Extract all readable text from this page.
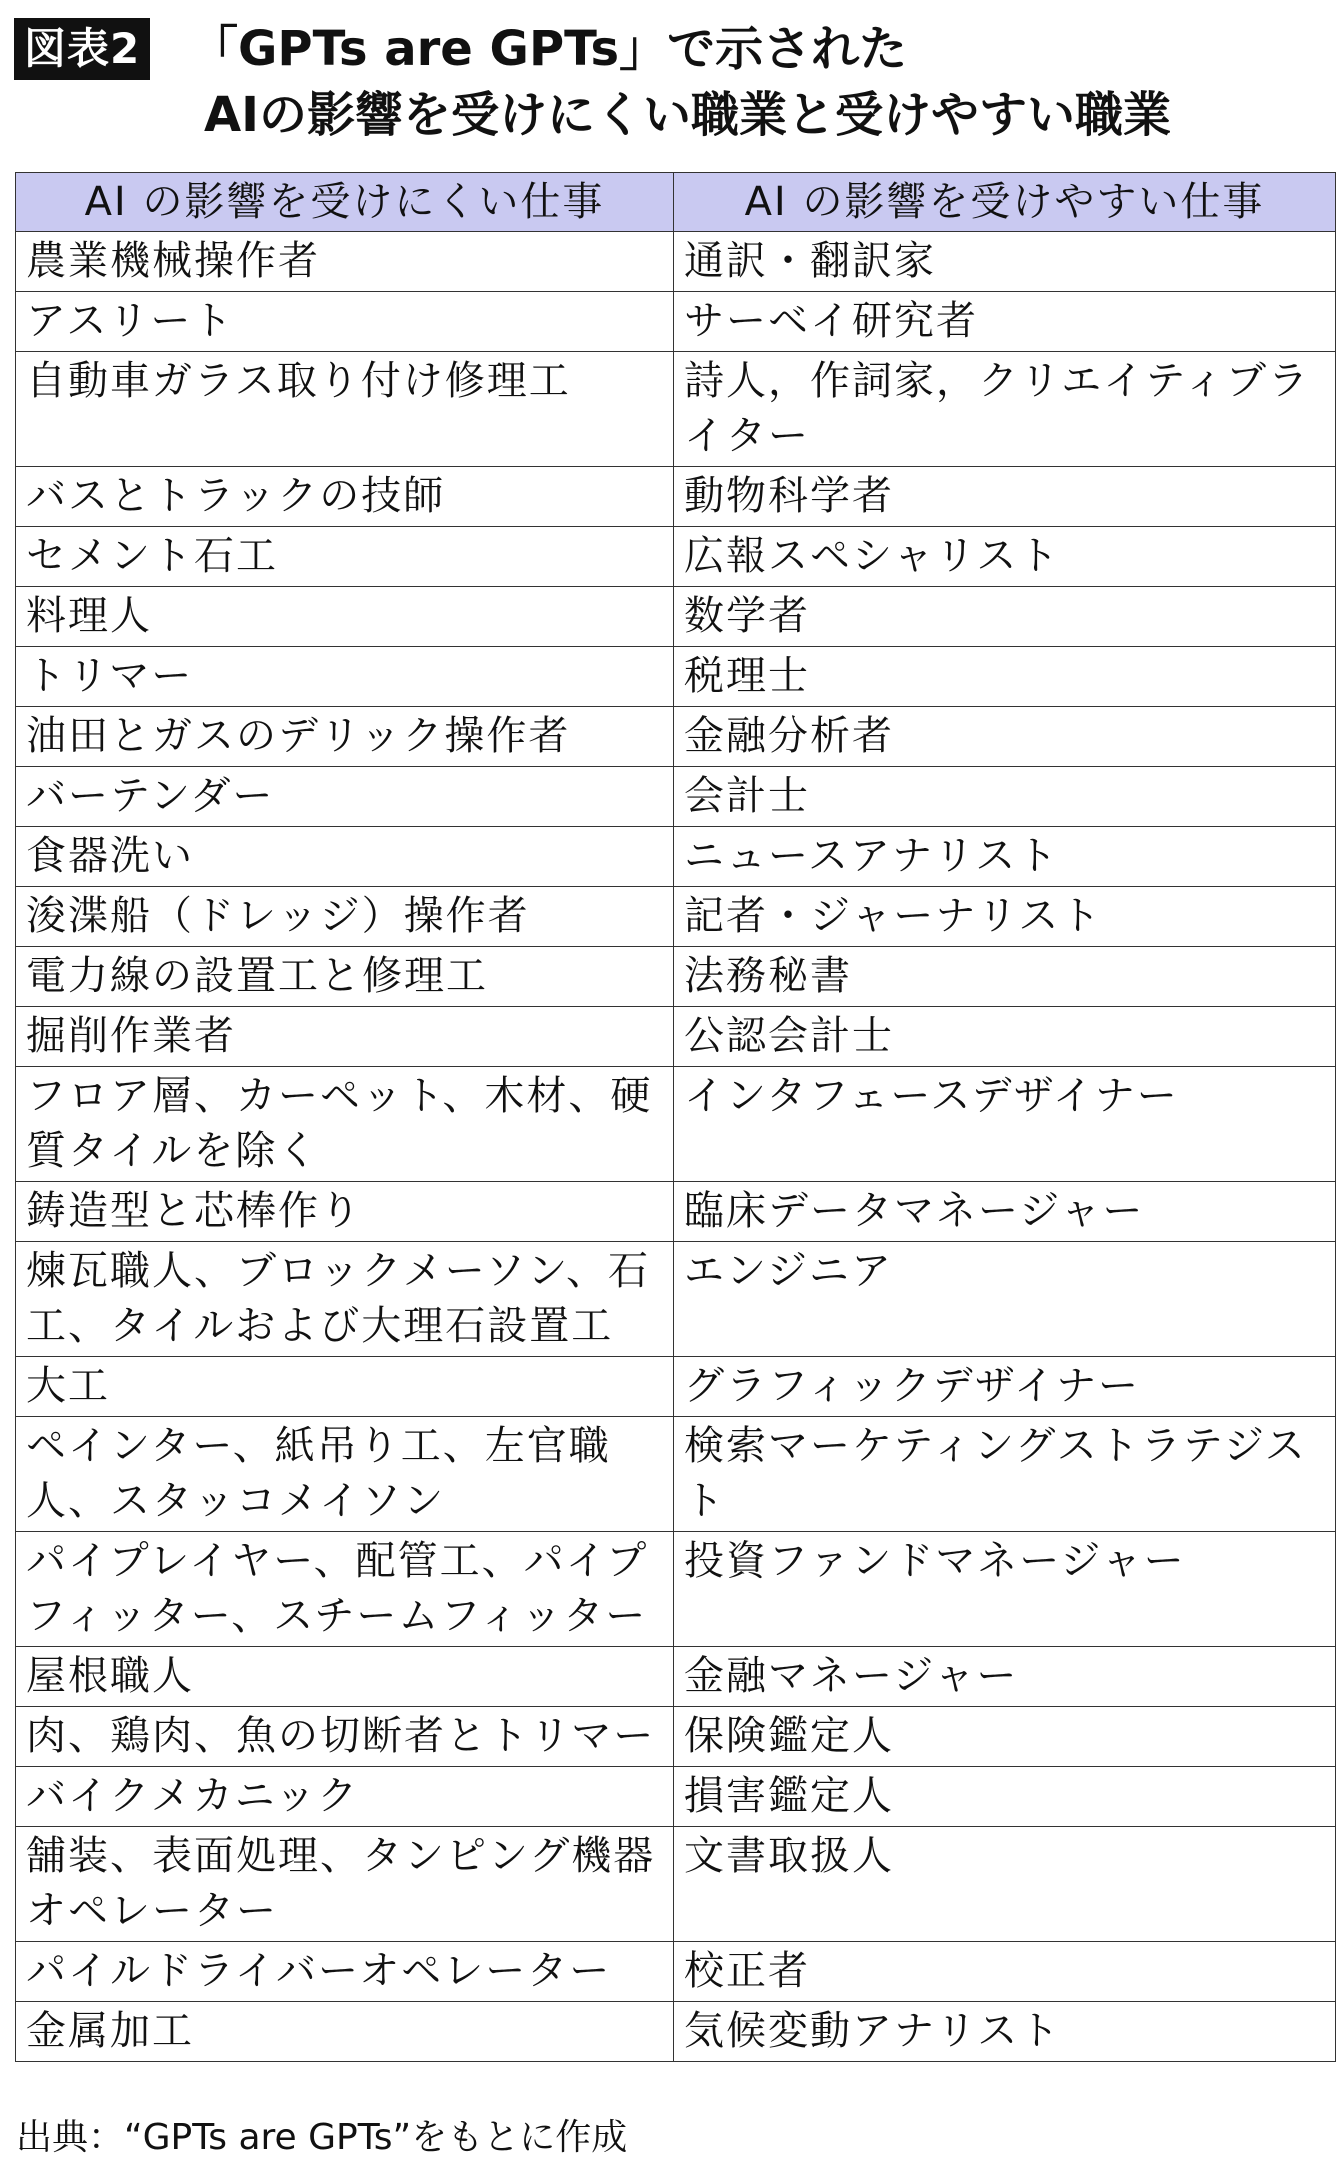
図表2 「GPTs are GPTs」で示された
AIの影響を受けにくい職業と受けやすい職業
AI の影響を受けにくい仕事	AI の影響を受けやすい仕事
農業機械操作者	通訳・翻訳家
アスリート	サーベイ研究者
自動車ガラス取り付け修理工	詩人，作詞家，クリエイティブライター
バスとトラックの技師	動物科学者
セメント石工	広報スペシャリスト
料理人	数学者
トリマー	税理士
油田とガスのデリック操作者	金融分析者
バーテンダー	会計士
食器洗い	ニュースアナリスト
浚渫船（ドレッジ）操作者	記者・ジャーナリスト
電力線の設置工と修理工	法務秘書
掘削作業者	公認会計士
フロア層、カーペット、木材、硬質タイルを除く	インタフェースデザイナー
鋳造型と芯棒作り	臨床データマネージャー
煉瓦職人、ブロックメーソン、石工、タイルおよび大理石設置工	エンジニア
大工	グラフィックデザイナー
ペインター、紙吊り工、左官職人、スタッコメイソン	検索マーケティングストラテジスト
パイプレイヤー、配管工、パイプフィッター、スチームフィッター	投資ファンドマネージャー
屋根職人	金融マネージャー
肉、鶏肉、魚の切断者とトリマー	保険鑑定人
バイクメカニック	損害鑑定人
舗装、表面処理、タンピング機器オペレーター	文書取扱人
パイルドライバーオペレーター	校正者
金属加工	気候変動アナリスト
出典：“GPTs are GPTs”をもとに作成
